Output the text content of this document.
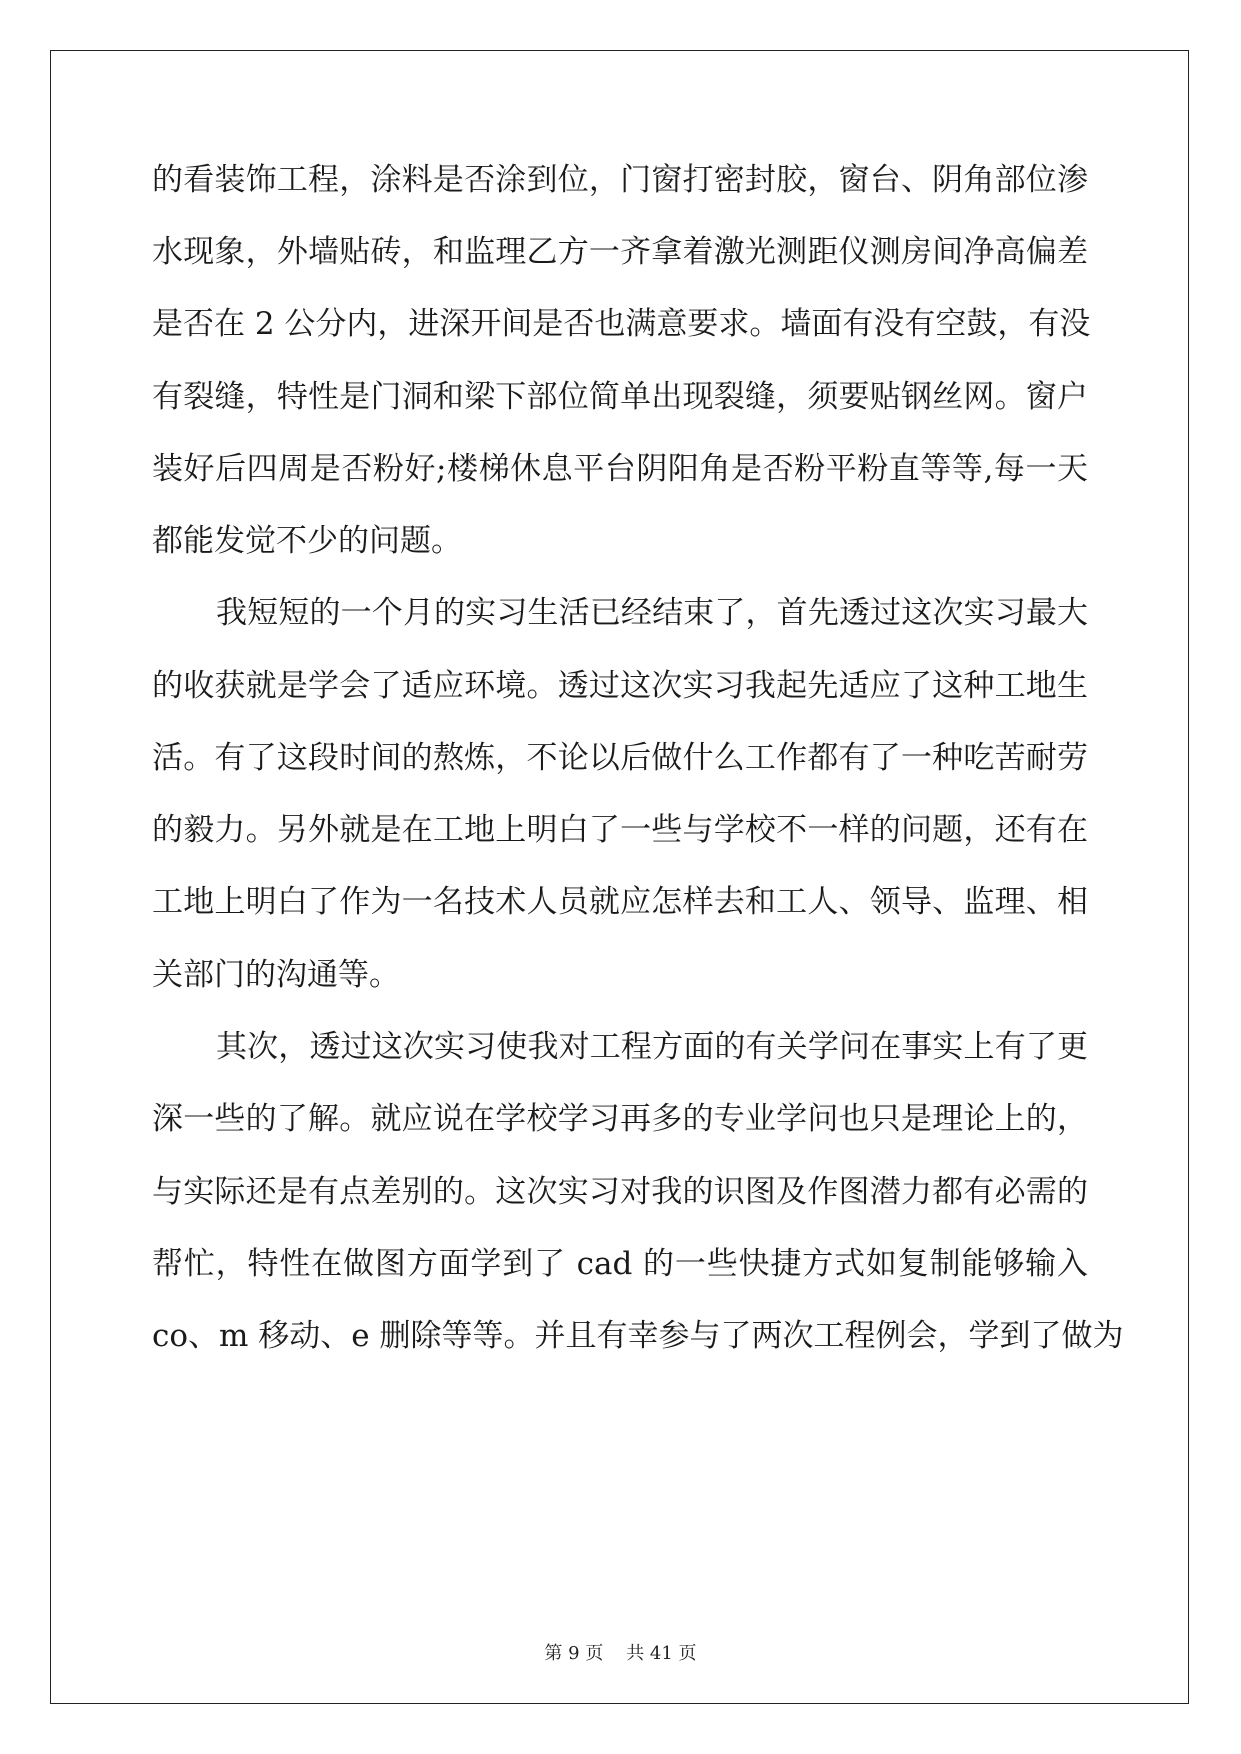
的看装饰工程，涂料是否涂到位，门窗打密封胶，窗台、阴角部位渗
水现象，外墙贴砖，和监理乙方一齐拿着激光测距仪测房间净高偏差
是否在 2 公分内，进深开间是否也满意要求。墙面有没有空鼓，有没
有裂缝，特性是门洞和梁下部位简单出现裂缝，须要贴钢丝网。窗户
装好后四周是否粉好;楼梯休息平台阴阳角是否粉平粉直等等,每一天
都能发觉不少的问题。
我短短的一个月的实习生活已经结束了，首先透过这次实习最大
的收获就是学会了适应环境。透过这次实习我起先适应了这种工地生
活。有了这段时间的熬炼，不论以后做什么工作都有了一种吃苦耐劳
的毅力。另外就是在工地上明白了一些与学校不一样的问题，还有在
工地上明白了作为一名技术人员就应怎样去和工人、领导、监理、相
关部门的沟通等。
其次，透过这次实习使我对工程方面的有关学问在事实上有了更
深一些的了解。就应说在学校学习再多的专业学问也只是理论上的，
与实际还是有点差别的。这次实习对我的识图及作图潜力都有必需的
帮忙，特性在做图方面学到了 cad 的一些快捷方式如复制能够输入
co、m 移动、e 删除等等。并且有幸参与了两次工程例会，学到了做为
第 9 页    共 41 页
